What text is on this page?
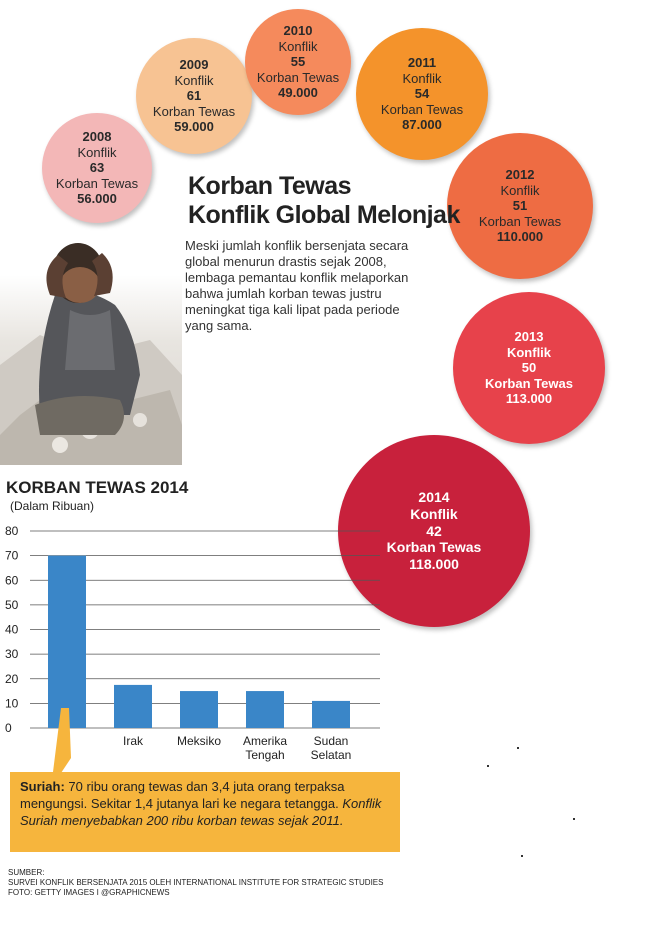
2008
Konflik
63
Korban Tewas
56.000
2009
Konflik
61
Korban Tewas
59.000
2010
Konflik
55
Korban Tewas
49.000
2011
Konflik
54
Korban Tewas
87.000
2012
Konflik
51
Korban Tewas
110.000
2013
Konflik
50
Korban Tewas
113.000
2014
Konflik
42
Korban Tewas
118.000
Korban Tewas
Konflik Global Melonjak
Meski jumlah konflik bersenjata secara global menurun drastis sejak 2008, lembaga pemantau konflik melaporkan bahwa jumlah korban tewas justru meningkat tiga kali lipat pada periode yang sama.
KORBAN TEWAS 2014
(Dalam Ribuan)
0
10
20
30
40
50
60
70
80
Irak	Meksiko Amerika
Tengah
Sudan
Selatan
Suriah: 70 ribu orang tewas dan 3,4 juta orang terpaksa mengungsi. Sekitar 1,4 jutanya lari ke negara tetangga. Konflik Suriah menyebabkan 200 ribu korban tewas sejak 2011.
SUMBER:
SURVEI KONFLIK BERSENJATA 2015 OLEH INTERNATIONAL INSTITUTE FOR STRATEGIC STUDIES
FOTO: GETTY IMAGES I @GRAPHICNEWS
